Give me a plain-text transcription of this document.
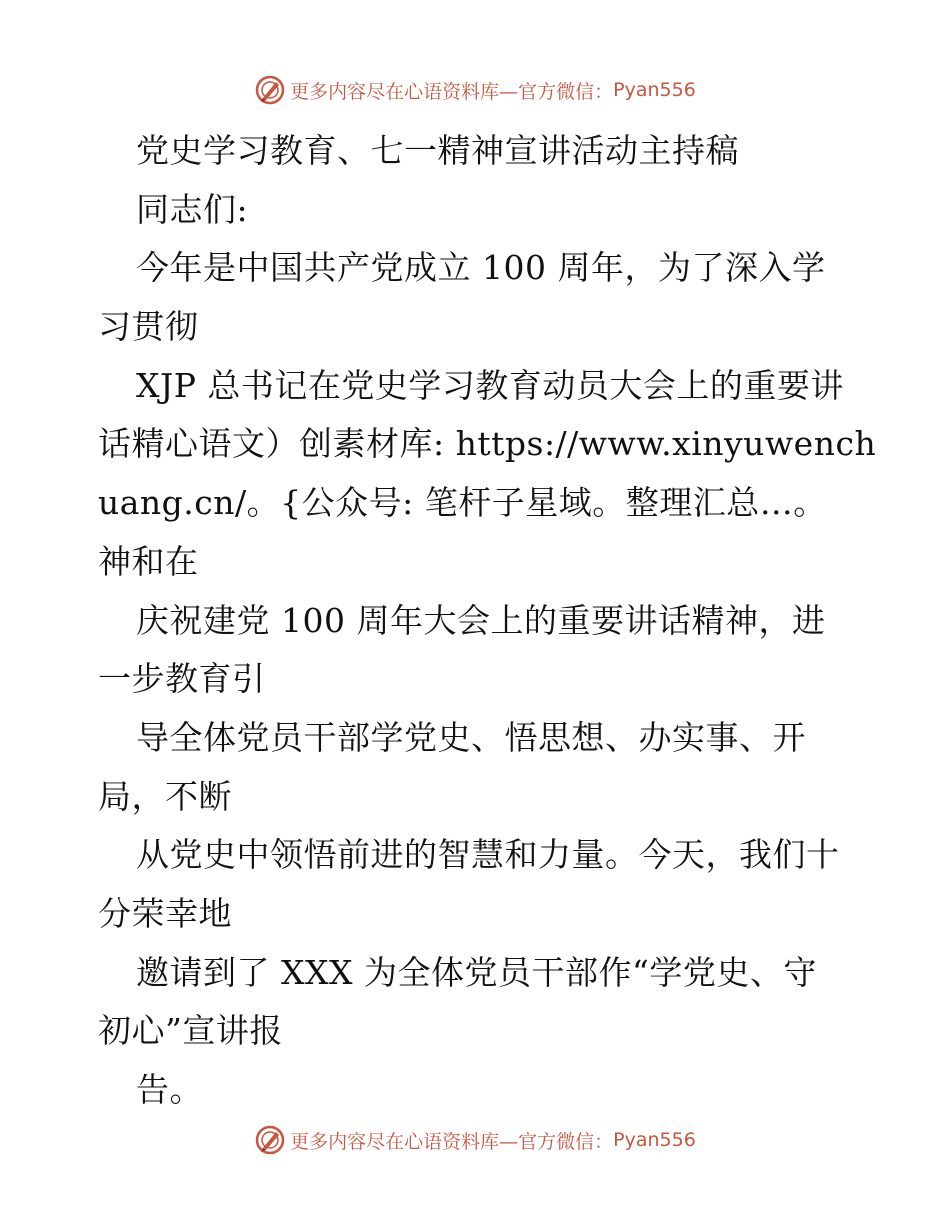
更多内容尽在心语资料库—官方微信： Pyan556
党史学习教育、七一精神宣讲活动主持稿
同志们:
今年是中国共产党成立 100 周年，为了深入学
习贯彻
XJP 总书记在党史学习教育动员大会上的重要讲
话精心语文）创素材库: https://www.xinyuwench
uang.cn/。{公众号: 笔杆子星域。整理汇总…。
神和在
庆祝建党 100 周年大会上的重要讲话精神，进
一步教育引
导全体党员干部学党史、悟思想、办实事、开
局，不断
从党史中领悟前进的智慧和力量。今天，我们十
分荣幸地
邀请到了 XXX 为全体党员干部作“学党史、守
初心”宣讲报
告。
更多内容尽在心语资料库—官方微信： Pyan556
